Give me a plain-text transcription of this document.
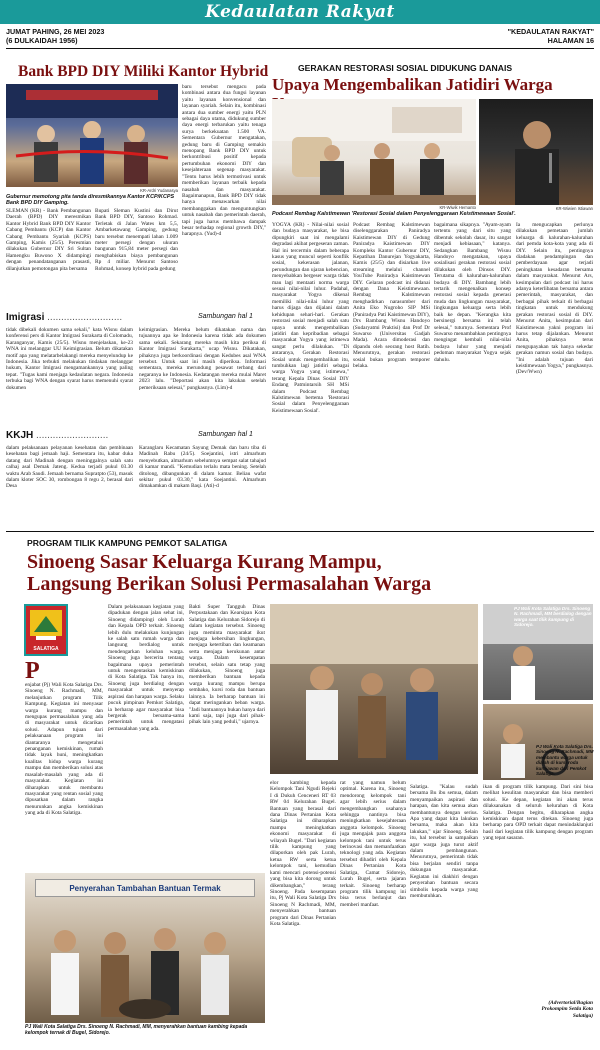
Kedaulatan Rakyat
JUMAT PAHING, 26 MEI 2023
(6 DULKAIDAH 1956)
"KEDAULATAN RAKYAT"
HALAMAN 16
Bank BPD DIY Miliki Kantor Hybrid
KR-Ardri Yudanasya
Gubernur memotong pita tanda diresmikannya Kantor KCP/KCPS Bank BPD DIY Gamping.
SLEMAN (KR) - Bank Pembangunan Daerah (BPD) DIY meresmikan Kantor Hybrid Bank BPD DIY Kantor Cabang Pembantu (KCP) dan Kantor Cabang Pembantu Syariah (KCPS) Gamping, Kamis (25/5). Peresmian dilakukan Gubernur DIY Sri Sultan Hamengku Buwono X didampingi dengan penandatanganan prasasti, dilanjutkan pemotongan pita bersama
Bupati Sleman Kustini dan Dirut Bank BPD DIY, Santoso Rohmad. Terletak di Jalan Wates km 5,5, Ambarketawang Gamping, gedung baru tersebut menempati lahan 1.009 meter persegi dengan ukuran bangunan 915,84 meter persegi dan menghabiskan biaya pembangunan Rp 4 miliar. Menurut Santoso Rohmad, konsep hybrid pada gedung
baru tersebut mengacu pada kombinasi antara dua fungsi layanan yaitu layanan konvensional dan layanan syariah. Selain itu, kombinasi antara dua sumber energi yaitu PLN sebagai daya utama, didukung sumber daya energi terbarukan yaitu tenaga surya berkekuatan 1.500 VA. Sementara Gubernur mengatakan, gedung baru di Gamping semakin menopang Bank BPD DIY untuk berkontribusi positif kepada pertumbuhan ekonomi DIY dan kesejahteraan segenap masyarakat. "Tentu harus lebih termotivasi untuk memberikan layanan terbaik kepada nasabah dan masyarakat. Bagaimanapun, Bank BPD DIY tidak hanya menawarkan nilai membanggakan dan menguntungkan untuk nasabah dan pemerintah daerah, tapi juga harus membawa dampak besar terhadap regional growth DIY," harapnya. (Yud)-d
Imigrasi ...........................	Sambungan hal 1
tidak dibekali dokumen sama sekali," kata Wisnu dalam konferensi pers di Kantor Imigrasi Surakarta di Colomadu, Karanganyar, Kamis (25/5). Wisnu menjelaskan, ke-23 WNA ini melanggar UU Keimigrasian. Belum dikatakan motif apa yang melatarbelakangi mereka menyelundup ke Indonesia. Jika terbukti melakukan tindakan melanggar hukum, Kantor Imigrasi mengamankannya yang paling tepat. "Tugas kami menjaga kedaulatan negara. Indonesia terbuka bagi WNA dengan syarat harus memenuhi syarat dokumen
keimigrasian. Mereka belum dikatakan nama dan tujuannya apa ke Indonesia karena tidak ada dokumen sama sekali. Sekarang mereka masih kita periksa di Kantor Imigrasi Surakarta," ucap Wisnu. Dikatakan, pihaknya juga berkoordinasi dengan Kedubes asal WNA tersebut. Untuk saat ini masih diperiksa. Informasi sementara, mereka merundung pesawat terbang dari negaranya ke Indonesia. Kedatangan mereka mulai Maret 2023 lalu. "Deportasi akan kita lakukan setelah pemeriksaan selesai," pungkasnya. (Lim)-d
KKJH ..........................	Sambungan hal 1
dalam pelaksanaan pelayanan kesehatan dan pembinaan kesehatan bagi jemaah haji. Sementara itu, kabar duka datang dari Madinah dengan meninggalnya salah satu calhaj asal Demak Jateng. Kedua terjadi pukul 03.30 waktu Arab Saudi. Jemaah bernama Supratpto (53), masuk dalam kloter SOC 30, rombongan 8 regu 2, berasal dari Desa
Karanglaru Kecamatan Sayung Demak dan baru tiba di Madinah Rabu (24/5). Soejantini, istri almarhum menyebutkan, almarhum sebelumnya sempat salat tahajud di kamar mandi. "Kemudian terlalu mata bening. Setelah ditolong, dibangunkan di dalam kamar. Beliau wafat sekitar pukul 03.30," kata Soejantini. Almarhum dimakamkan di makam Baqi. (Ati)-d
GERAKAN RESTORASI SOSIAL DIDUKUNG DANAIS
Upaya Mengembalikan Jatidiri Warga
KR-Wiwik Hernanto	KR-Wiwien Istiawan
Podcast Rembag Kalstimewan 'Restorasi Sosial dalam Penyelenggaraan Keistimewaan Sosial'.
YOGYA (KR) - Nilai-nilai sosial dan budaya masyarakat, ke bisa dipungkiri saat ini mengalami degradasi akibat pergeseran zaman. Hal ini tercermin dalam beberapa kasus yang muncul seperti konflik sosial, kekerasan jalanan, perundungan dan ujaran kebencian, menyebabkan bergeser warga tidak mau lagi mentaati norma warga sesuai nilai-nilai luhur. Padahal, masyarakat Yogya dikenal memiliki nilai-nilai luhur yang harus dijaga dan dijalani dalam kehidupan sehari-hari. Gerakan restorasi sosial menjadi salah satu upaya untuk mengembalikan jatidiri dan kepribadian sebagai masyarakat Yogya yang istimewa sangat perlu dilakukan. "Di antaranya, Gerakan Restorasi Sosial untuk mengembalikan itu, tumbuhkan lagi jatidiri sebagai warga Yogya yang istimewa," terang Kepala Dinas Sosial DIY Endang Patmintarsih SH MSi dalam Podcast Rembag Kalstimewan bertema 'Restorasi Sosial dalam Penyelenggaraan Keistimewaan Sosial'.
Podcast Rembag Kalstimewan diselenggarakan Paniradya Kaistimewan DIY di Gedung Paniradya Kaistimewan DIY Kompleks Kantor Gubernur DIY, Kepatihan Danurejan Yogyakarta, Kamis (25/5) dan disiarkan live streaming melalui channel YouTube Paniradya Kaistimewan DIY. Gelaran podcast ini didanai dengan Dana Keistimewaan. Rembag Kalstimewan menghadirkan narasumber dari Anita Eko Nugroho SIP MSi (Paniradya Pati Kaistimewan DIY), Drs Bambang Wisnu Handoyo (Sudaryatmi Praktisi) dan Prof Dr Suwarso (Universitas Gadjah Mada). Acara dimoderasi dan dipandu oleh seorang host Ratih. Menurutnya, gerakan restorasi sosial bukan program temporer belaka.
bagaimana sikapnya. "Ayam-ayam tertentu yang dari situ yang dibentuk sekolah dasar, itu sangat menjadi kebiasaan," katanya. Sedangkan Bambang Wisnu Handoyo mengatakan, upaya sosialisasi gerakan restorasi sosial dilakukan oleh Dinsos DIY. Terutama di kalurahan-kalurahan budaya di DIY. Bambang lebih tertarik mengenalkan konsep restorasi sosial kepada generasi muda dan lingkungan masyarakat, lingkungan keluarga serta lebih baik ke depan. "Kerangka kita bersinergi bersama ini telah selesai," tuturnya. Sementara Prof Suwarso menambahkan pentingnya mengingat kembali nilai-nilai budaya luhur yang menjadi pedoman masyarakat Yogya sejak dahulu.
Ia mengucapkan perlunya dilakukan pemetaan jumlah keluarga di kalurahan-kalurahan dari pemda kota-kota yang ada di DIY. Selain itu, pentingnya diadakan pendampingan dan pemberdayaan agar terjadi peningkatan kesadaran bersama dalam masyarakat. Menurut Ars, kesimpulan dari podcast ini harus adanya keterlibatan bersama antara pemerintah, masyarakat, dan berbagai pihak terkait di berbagai tingkatan untuk mendukung gerakan restorasi sosial di DIY. Menurut Anita, kesimpulan dari Kaistimewan yakni program ini harus tetap dijalankan. Menurut Anita, pihaknya terus mengupayakan tak hanya sekedar gerakan namun sosial dan budaya. "Ini adalah tujuan dari keistimewaan Yogya," pungkasnya. (Dev/Wwn)
PROGRAM TILIK KAMPUNG PEMKOT SALATIGA
Sinoeng Sasar Keluarga Kurang Mampu,
Langsung Berikan Solusi Permasalahan Warga
SALATIGA
P
enjabat (Pj) Wali Kota Salatiga Drs. Sinoeng N. Rachmadi, MM, melanjutkan program Tilik Kampung. Kegiatan ini menyasar warga kurang mampu dan mengupas permasalahan yang ada di masyarakat untuk dicarikan solusi. Adapun tujuan dari pelaksanaan program ini diantaranya mengetahui penanganan kemiskinan, rumah tidak layak huni, meningkatkan kualitas hidup warga kurang mampu dan memberikan solusi atas masalah-masalah yang ada di masyarakat. Kegiatan ini diharapkan untuk membantu masyarakat yang rentan sosial yang dipusatkan dalam rangka menurunkan angka kemiskinan yang ada di Kota Salatiga.
Dalam pelaksanaan kegiatan yang dipadukan dengan jalan sehat ini, Sinoeng didampingi oleh Lurah dan Kepala OPD terkait. Sinoeng lebih dulu melakukan kunjungan ke salah satu rumah warga dan langsung berdialog untuk mendengarkan keluhan warga. Sinoeng juga bercerita tentang bagaimana upaya pemerintah untuk mengentaskan kemiskinan di Kota Salatiga. Tak hanya itu, Sinoeng juga berdialog dengan masyarakat untuk menyerap aspirasi dan harapan warga. Selaku pucuk pimpinan Pemkot Salatiga, ia berharap agar masyarakat bisa bergerak bersama-sama pemerintah untuk mengatasi permasalahan yang ada.
Bakti Super Tangguh Dinas Perpustakaan dan Kearsipan Kota Salatiga dan Kelurahan Sidorejo di dalam kegiatan tersebut. Sinoeng juga meminta masyarakat ikut menjaga kebersihan lingkungan, menjaga ketertiban dan keamanan serta menjaga kerukunan antar warga. Dalam kesempatan tersebut, selain satu tetap yang dilakukan, Sinoeng juga memberikan bantuan kepada warga kurang mampu berupa sembako, kursi roda dan bantuan lainnya. Ia berharap bantuan ini dapat meringankan beban warga. "Jadi bantuannya bukan hanya dari kami saja, tapi juga dari pihak-pihak lain yang peduli," ujarnya.
PJ Wali Kota Salatiga Drs. Sinoeng N. Rachmadi, MM berdialog dengan warga saat tilik kampung di Sidorejo.
PJ Wali Kota Salatiga Drs. Sinoeng N. Rachmadi, MM membantu warga untuk dialah di kursi roda kurniawan dari Pemkot Salatiga.
Penyerahan Tambahan Bantuan Termak
PJ Wali Kota Salatiga Drs. Sinoeng N. Rachmadi, MM, menyerahkan bantuan kambing kepada kelompok ternak di Bugel, Sidorejo.
elor kambing kepada Kelompok Tani Ngudi Rejeki I di Dukuh Cenceneri RT 03 RW 04 Kelurahan Bugel. Bantuan yang berasal dari dana Dinas Pertanian Kota Salatiga ini diharapkan mampu meningkatkan ekonomi masyarakat di wilayah Bugel. "Dari kegiatan tilik kampung yang dilaporkan oleh pak Lurah, ketua RW serta ketua kelompok tani, kemudian kami mencari potensi-potensi yang bisa kita dorong untuk dikembangkan," terang Sinoeng. Pada kesempatan itu, Pj Wali Kota Salatiga Drs Sinoeng N Rachmadi, MM, menyerahkan bantuan program dari Dinas Pertanian Kota Salatiga.
rat yang namun belum optimal. Karena itu, Sinoeng mendorong kelompok tani agar lebih serius dalam mengembangkan usahanya sehingga nantinya bisa meningkatkan kesejahteraan anggota kelompok. Sinoeng juga mengajak para anggota kelompok tani untuk terus berinovasi dan memanfaatkan teknologi yang ada. Kegiatan tersebut dihadiri oleh Kepala Dinas Pertanian Kota Salatiga, Camat Sidorejo, Lurah Bugel, serta jajaran terkait. Sinoeng berharap program tilik kampung ini bisa terus berlanjut dan memberi manfaat.
Salatiga. "Kalau sudah bersama Bu ibu semua, dalam menyampaikan aspirasi dan harapan, dan kita semua akan membantunya dengan serius. Apa yang dapat kita lakukan bersama, maka akan kita lakukan," ujar Sinoeng. Selain itu, hal tersebut ia sampaikan agar warga juga turut aktif dalam pembangunan. Menurutnya, pemerintah tidak bisa berjalan sendiri tanpa dukungan masyarakat. Kegiatan ini diakhiri dengan penyerahan bantuan secara simbolis kepada warga yang membutuhkan.
ikan di program tilik kampung. Dari sini bisa melihat kesulitan masyarakat dan bisa memberi solusi. Ke depan, kegiatan ini akan terus dilaksanakan di seluruh kelurahan di Kota Salatiga. Dengan begitu, diharapkan angka kemiskinan dapat terus ditekan. Sinoeng juga berharap para OPD terkait dapat menindaklanjuti hasil dari kegiatan tilik kampung dengan program yang tepat sasaran.
(Advertorial/Bagian
Prokompim Setda Kota
Salatiga)
